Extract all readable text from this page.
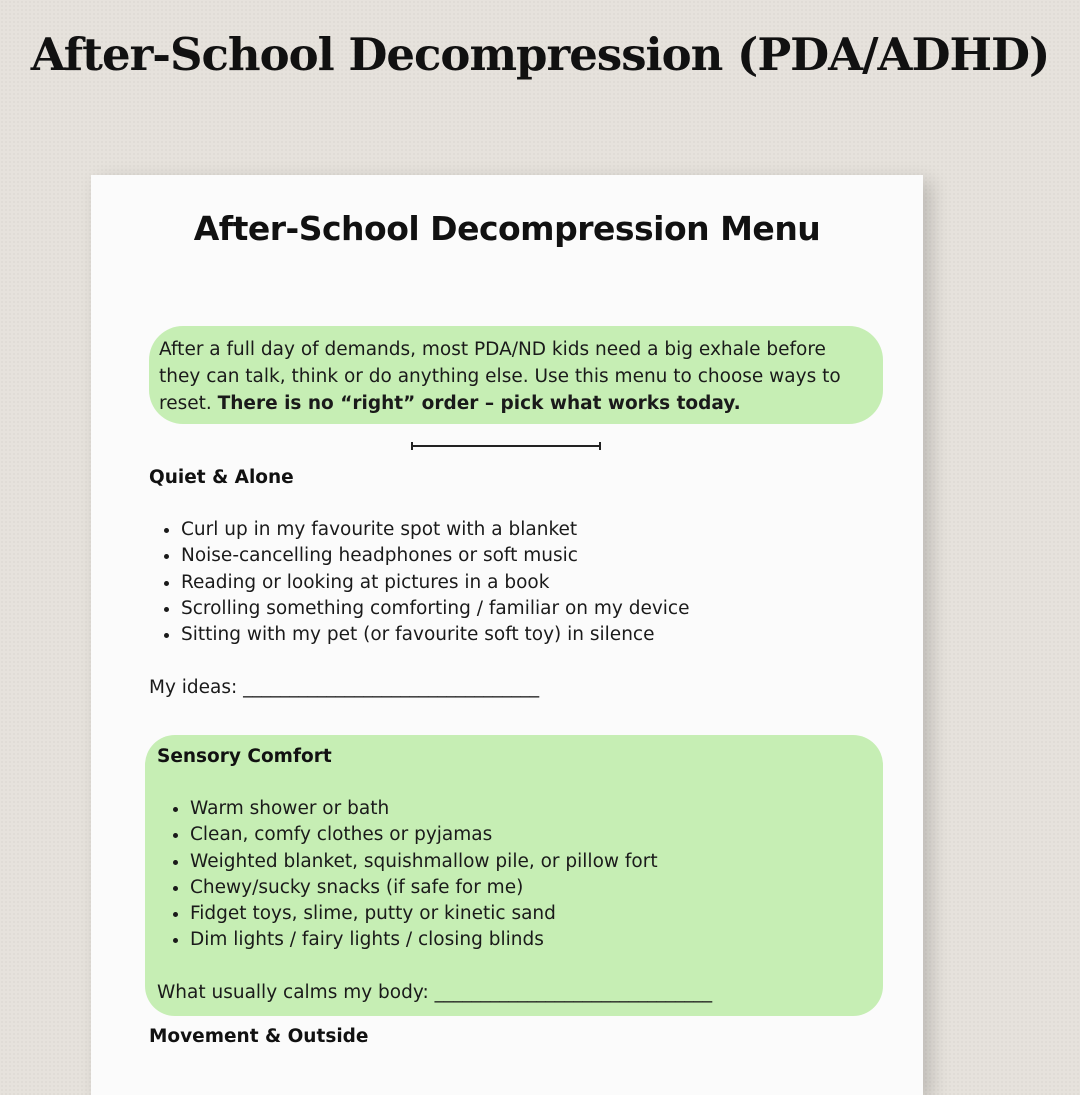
After-School Decompression (PDA/ADHD)
After-School Decompression Menu
After a full day of demands, most PDA/ND kids need a big exhale before they can talk, think or do anything else. Use this menu to choose ways to reset. There is no “right” order – pick what works today.
Quiet & Alone
• Curl up in my favourite spot with a blanket
• Noise-cancelling headphones or soft music
• Reading or looking at pictures in a book
• Scrolling something comforting / familiar on my device
• Sitting with my pet (or favourite soft toy) in silence
My ideas: ________________________________
Sensory Comfort
• Warm shower or bath
• Clean, comfy clothes or pyjamas
• Weighted blanket, squishmallow pile, or pillow fort
• Chewy/sucky snacks (if safe for me)
• Fidget toys, slime, putty or kinetic sand
• Dim lights / fairy lights / closing blinds
What usually calms my body: ______________________________
Movement & Outside
